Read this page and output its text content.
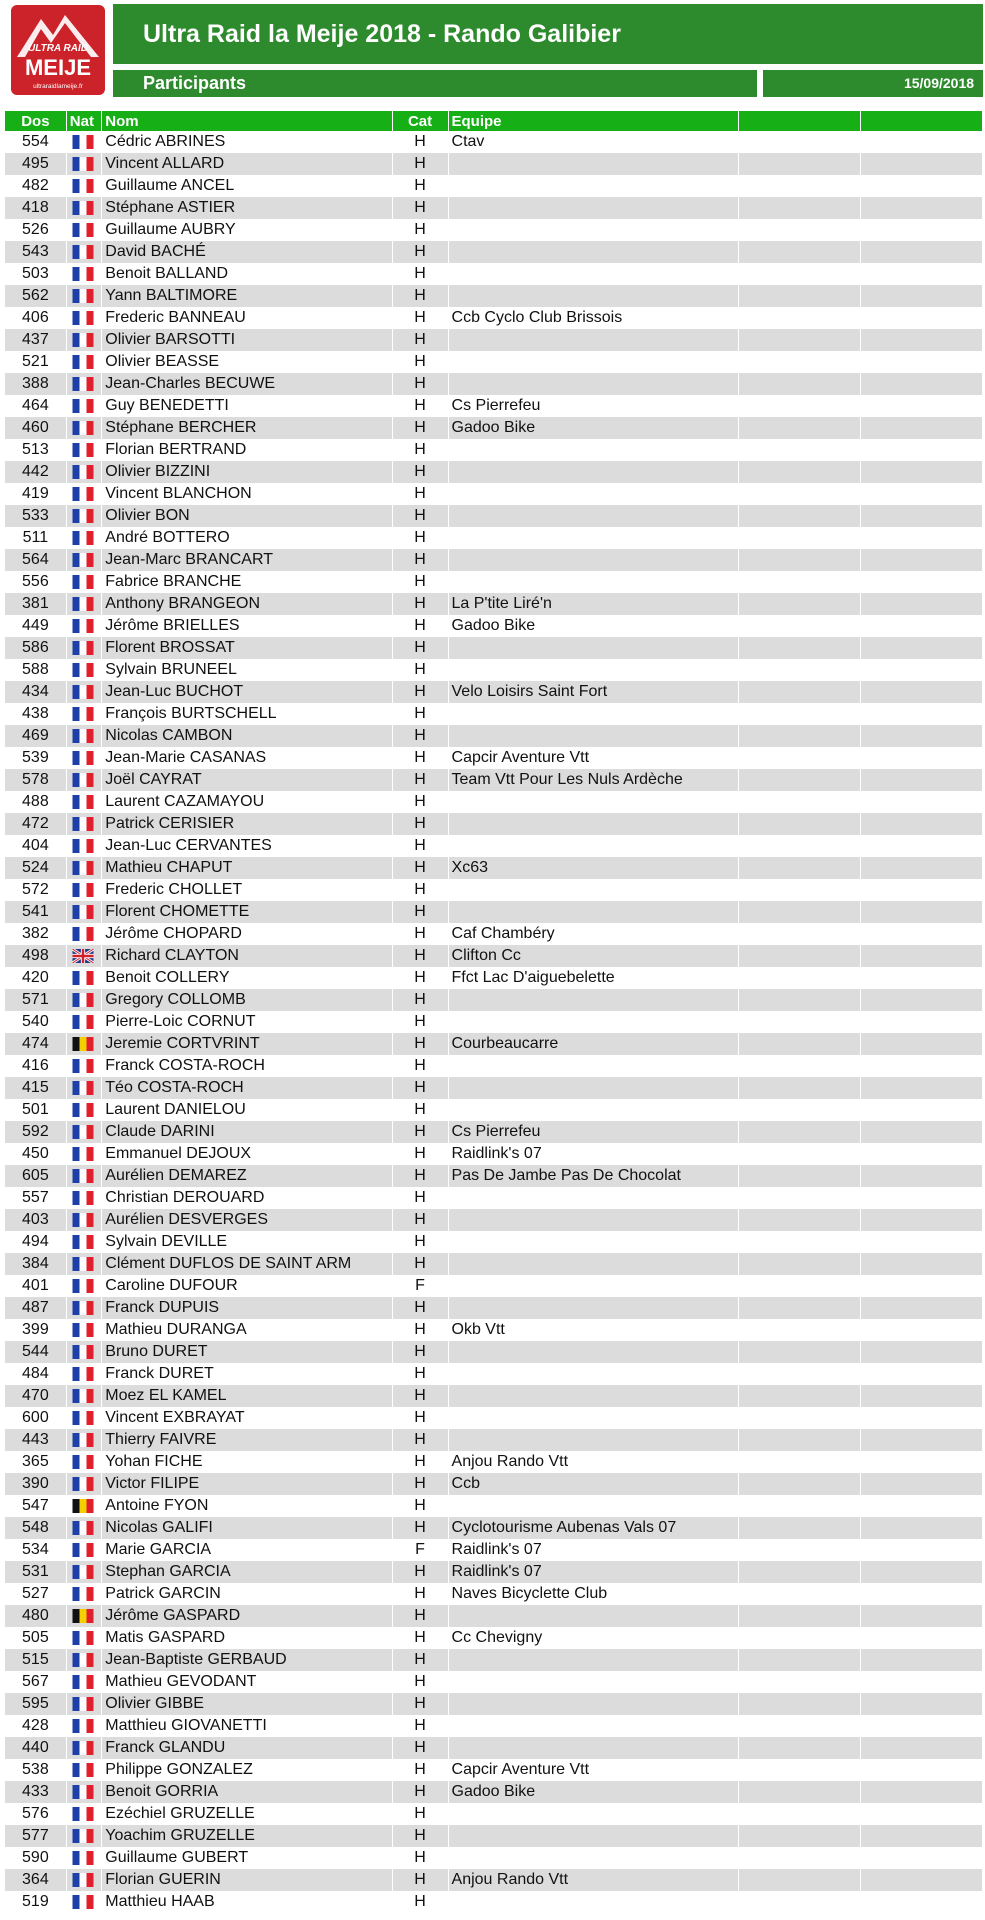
ULTRA RAID
MEIJE
ultraraidlameije.fr
Ultra Raid la Meije 2018 - Rando Galibier
Participants	15/09/2018
Dos	Nat	Nom	Cat	Equipe		
554		Cédric ABRINES	H	Ctav		
495		Vincent ALLARD	H			
482		Guillaume ANCEL	H			
418		Stéphane ASTIER	H			
526		Guillaume AUBRY	H			
543		David BACHÉ	H			
503		Benoit BALLAND	H			
562		Yann BALTIMORE	H			
406		Frederic BANNEAU	H	Ccb Cyclo Club Brissois		
437		Olivier BARSOTTI	H			
521		Olivier BEASSE	H			
388		Jean-Charles BECUWE	H			
464		Guy BENEDETTI	H	Cs Pierrefeu		
460		Stéphane BERCHER	H	Gadoo Bike		
513		Florian BERTRAND	H			
442		Olivier BIZZINI	H			
419		Vincent BLANCHON	H			
533		Olivier BON	H			
511		André BOTTERO	H			
564		Jean-Marc BRANCART	H			
556		Fabrice BRANCHE	H			
381		Anthony BRANGEON	H	La P'tite Liré'n		
449		Jérôme BRIELLES	H	Gadoo Bike		
586		Florent BROSSAT	H			
588		Sylvain BRUNEEL	H			
434		Jean-Luc BUCHOT	H	Velo Loisirs Saint Fort		
438		François BURTSCHELL	H			
469		Nicolas CAMBON	H			
539		Jean-Marie CASANAS	H	Capcir Aventure Vtt		
578		Joël CAYRAT	H	Team Vtt Pour Les Nuls Ardèche		
488		Laurent CAZAMAYOU	H			
472		Patrick CERISIER	H			
404		Jean-Luc CERVANTES	H			
524		Mathieu CHAPUT	H	Xc63		
572		Frederic CHOLLET	H			
541		Florent CHOMETTE	H			
382		Jérôme CHOPARD	H	Caf Chambéry		
498		Richard CLAYTON	H	Clifton Cc		
420		Benoit COLLERY	H	Ffct Lac D'aiguebelette		
571		Gregory COLLOMB	H			
540		Pierre-Loic CORNUT	H			
474		Jeremie CORTVRINT	H	Courbeaucarre		
416		Franck COSTA-ROCH	H			
415		Téo COSTA-ROCH	H			
501		Laurent DANIELOU	H			
592		Claude DARINI	H	Cs Pierrefeu		
450		Emmanuel DEJOUX	H	Raidlink's 07		
605		Aurélien DEMAREZ	H	Pas De Jambe Pas De Chocolat		
557		Christian DEROUARD	H			
403		Aurélien DESVERGES	H			
494		Sylvain DEVILLE	H			
384		Clément DUFLOS DE SAINT ARM	H			
401		Caroline DUFOUR	F			
487		Franck DUPUIS	H			
399		Mathieu DURANGA	H	Okb Vtt		
544		Bruno DURET	H			
484		Franck DURET	H			
470		Moez EL KAMEL	H			
600		Vincent EXBRAYAT	H			
443		Thierry FAIVRE	H			
365		Yohan FICHE	H	Anjou Rando Vtt		
390		Victor FILIPE	H	Ccb		
547		Antoine FYON	H			
548		Nicolas GALIFI	H	Cyclotourisme Aubenas Vals 07		
534		Marie GARCIA	F	Raidlink's 07		
531		Stephan GARCIA	H	Raidlink's 07		
527		Patrick GARCIN	H	Naves Bicyclette Club		
480		Jérôme GASPARD	H			
505		Matis GASPARD	H	Cc Chevigny		
515		Jean-Baptiste GERBAUD	H			
567		Mathieu GEVODANT	H			
595		Olivier GIBBE	H			
428		Matthieu GIOVANETTI	H			
440		Franck GLANDU	H			
538		Philippe GONZALEZ	H	Capcir Aventure Vtt		
433		Benoit GORRIA	H	Gadoo Bike		
576		Ezéchiel GRUZELLE	H			
577		Yoachim GRUZELLE	H			
590		Guillaume GUBERT	H			
364		Florian GUERIN	H	Anjou Rando Vtt		
519		Matthieu HAAB	H			
